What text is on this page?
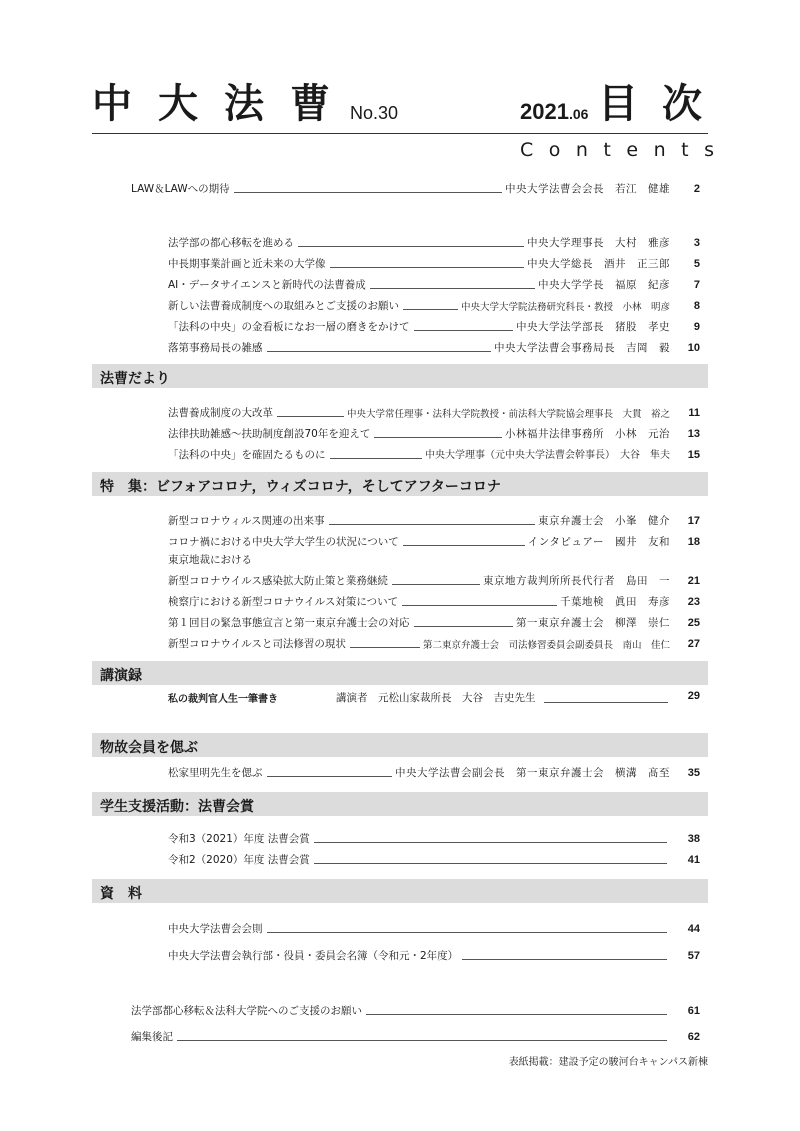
中大法曹
No.30	2021.06 目次
Contents
LAW＆LAWへの期待	中央大学法曹会会長　若江　健雄	2
法学部の都心移転を進める	中央大学理事長　大村　雅彦	3
中長期事業計画と近未来の大学像	中央大学総長　酒井　正三郎	5
AI・データサイエンスと新時代の法曹養成	中央大学学長　福原　紀彦	7
新しい法曹養成制度への取組みとご支援のお願い	中央大学大学院法務研究科長・教授　小林　明彦	8
「法科の中央」の金看板になお一層の磨きをかけて	中央大学法学部長　猪股　孝史	9
落第事務局長の雑感	中央大学法曹会事務局長　吉岡　毅	10
法曹だより
法曹養成制度の大改革	中央大学常任理事・法科大学院教授・前法科大学院協会理事長　大貫　裕之	11
法律扶助雑感～扶助制度創設70年を迎えて	小林福井法律事務所　小林　元治	13
「法科の中央」を確固たるものに	中央大学理事（元中央大学法曹会幹事長）　大谷　隼夫	15
特　集：ビフォアコロナ，ウィズコロナ，そしてアフターコロナ
新型コロナウィルス関連の出来事	東京弁護士会　小峯　健介	17
コロナ禍における中央大学大学生の状況について	インタピュアー　國井　友和	18
東京地裁における
新型コロナウイルス感染拡大防止策と業務継続	東京地方裁判所所長代行者　島田　一	21
検察庁における新型コロナウイルス対策について	千葉地検　眞田　寿彦	23
第１回目の緊急事態宣言と第一東京弁護士会の対応	第一東京弁護士会　柳澤　崇仁	25
新型コロナウイルスと司法修習の現状	第二東京弁護士会　司法修習委員会副委員長　南山　佳仁	27
講演録
私の裁判官人生一筆書き	講演者　元松山家裁所長　大谷　吉史先生	29
物故会員を偲ぶ
松家里明先生を偲ぶ	中央大学法曹会副会長　第一東京弁護士会　横溝　髙至	35
学生支援活動：法曹会賞
令和3（2021）年度 法曹会賞	38
令和2（2020）年度 法曹会賞	41
資　料
中央大学法曹会会則	44
中央大学法曹会執行部・役員・委員会名簿（令和元・2年度）	57
法学部都心移転＆法科大学院へのご支援のお願い	61
編集後記	62
表紙掲載：建設予定の駿河台キャンパス新棟
